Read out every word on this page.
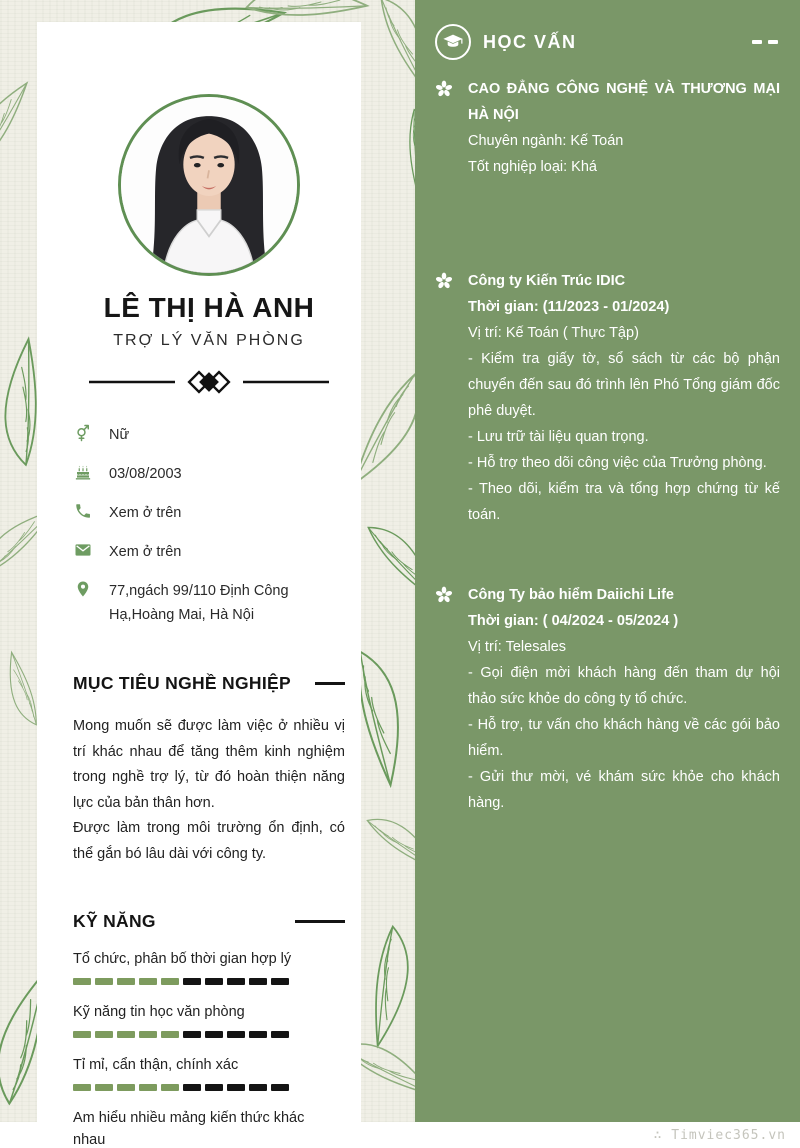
LÊ THỊ HÀ ANH
TRỢ LÝ VĂN PHÒNG
Nữ
03/08/2003
Xem ở trên
Xem ở trên
77,ngách 99/110 Định Công Hạ,Hoàng Mai, Hà Nội
MỤC TIÊU NGHỀ NGHIỆP

Mong muốn sẽ được làm việc ở nhiều vị trí khác nhau để tăng thêm kinh nghiệm trong nghề trợ lý, từ đó hoàn thiện năng lực của bản thân hơn.

Được làm trong môi trường ổn định, có thể gắn bó lâu dài với công ty.

KỸ NĂNG
Tổ chức, phân bố thời gian hợp lý
Kỹ năng tin học văn phòng
Tỉ mỉ, cẩn thận, chính xác
Am hiểu nhiều mảng kiến thức khác nhau
HỌC VẤN
CAO ĐẲNG CÔNG NGHỆ VÀ THƯƠNG MẠI HÀ NỘI
Chuyên ngành: Kế Toán
Tốt nghiệp loại: Khá
Công ty Kiến Trúc IDIC
Thời gian: (11/2023 - 01/2024)
Vị trí: Kế Toán ( Thực Tập)

- Kiểm tra giấy tờ, sổ sách từ các bộ phận chuyển đến sau đó trình lên Phó Tổng giám đốc phê duyệt.

- Lưu trữ tài liệu quan trọng.

- Hỗ trợ theo dõi công việc của Trưởng phòng.

- Theo dõi, kiểm tra và tổng hợp chứng từ kế toán.

Công Ty bảo hiểm Daiichi Life
Thời gian: ( 04/2024 - 05/2024 )
Vị trí: Telesales

- Gọi điện mời khách hàng đến tham dự hội thảo sức khỏe do công ty tổ chức.

- Hỗ trợ, tư vấn cho khách hàng về các gói bảo hiểm.

- Gửi thư mời, vé khám sức khỏe cho khách hàng.

∴ Timviec365.vn
